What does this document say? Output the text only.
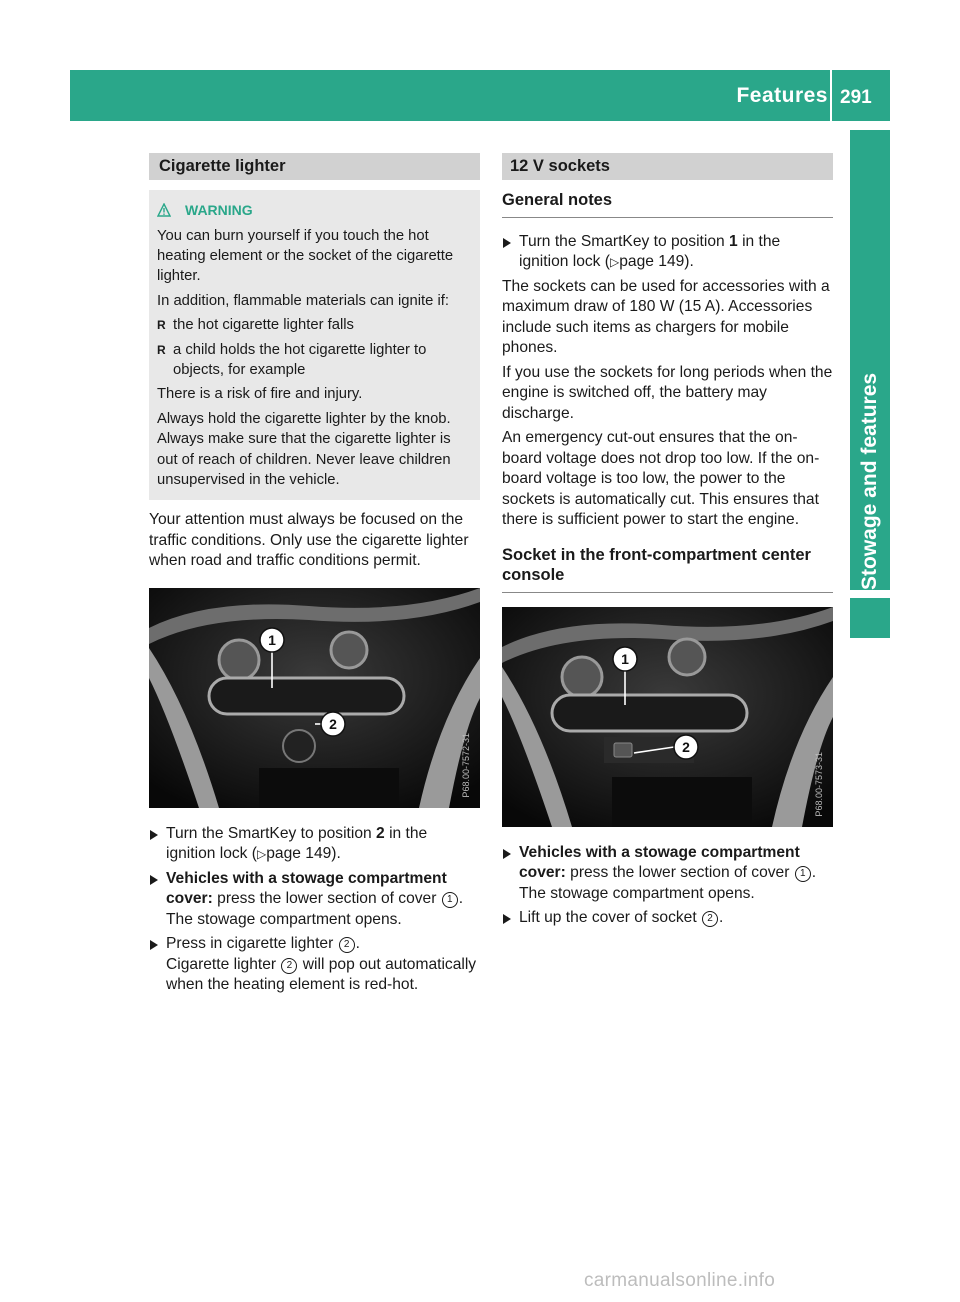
Features 291
Stowage and features
Cigarette lighter
WARNING

You can burn yourself if you touch the hot heating element or the socket of the cigarette lighter.

In addition, flammable materials can ignite if:

R the hot cigarette lighter falls
R a child holds the hot cigarette lighter to objects, for example

There is a risk of fire and injury.

Always hold the cigarette lighter by the knob. Always make sure that the cigarette lighter is out of reach of children. Never leave children unsupervised in the vehicle.

Your attention must always be focused on the traffic conditions. Only use the cigarette lighter when road and traffic conditions permit.

1
2
P68.00-7572-31
Turn the SmartKey to position 2 in the ignition lock (▷page 149).
Vehicles with a stowage compartment cover: press the lower section of cover 1 .
The stowage compartment opens.
Press in cigarette lighter 2 .
Cigarette lighter 2 will pop out automatically when the heating element is red-hot.
12 V sockets
General notes
Turn the SmartKey to position 1 in the ignition lock (▷page 149).

The sockets can be used for accessories with a maximum draw of 180 W (15 A). Accessories include such items as chargers for mobile phones.

If you use the sockets for long periods when the engine is switched off, the battery may discharge.

An emergency cut-out ensures that the on-board voltage does not drop too low. If the on-board voltage is too low, the power to the sockets is automatically cut. This ensures that there is sufficient power to start the engine.

Socket in the front-compartment center console
1
2
P68.00-7573-31
Vehicles with a stowage compartment cover: press the lower section of cover 1 .
The stowage compartment opens.
Lift up the cover of socket 2 .
carmanualsonline.info
